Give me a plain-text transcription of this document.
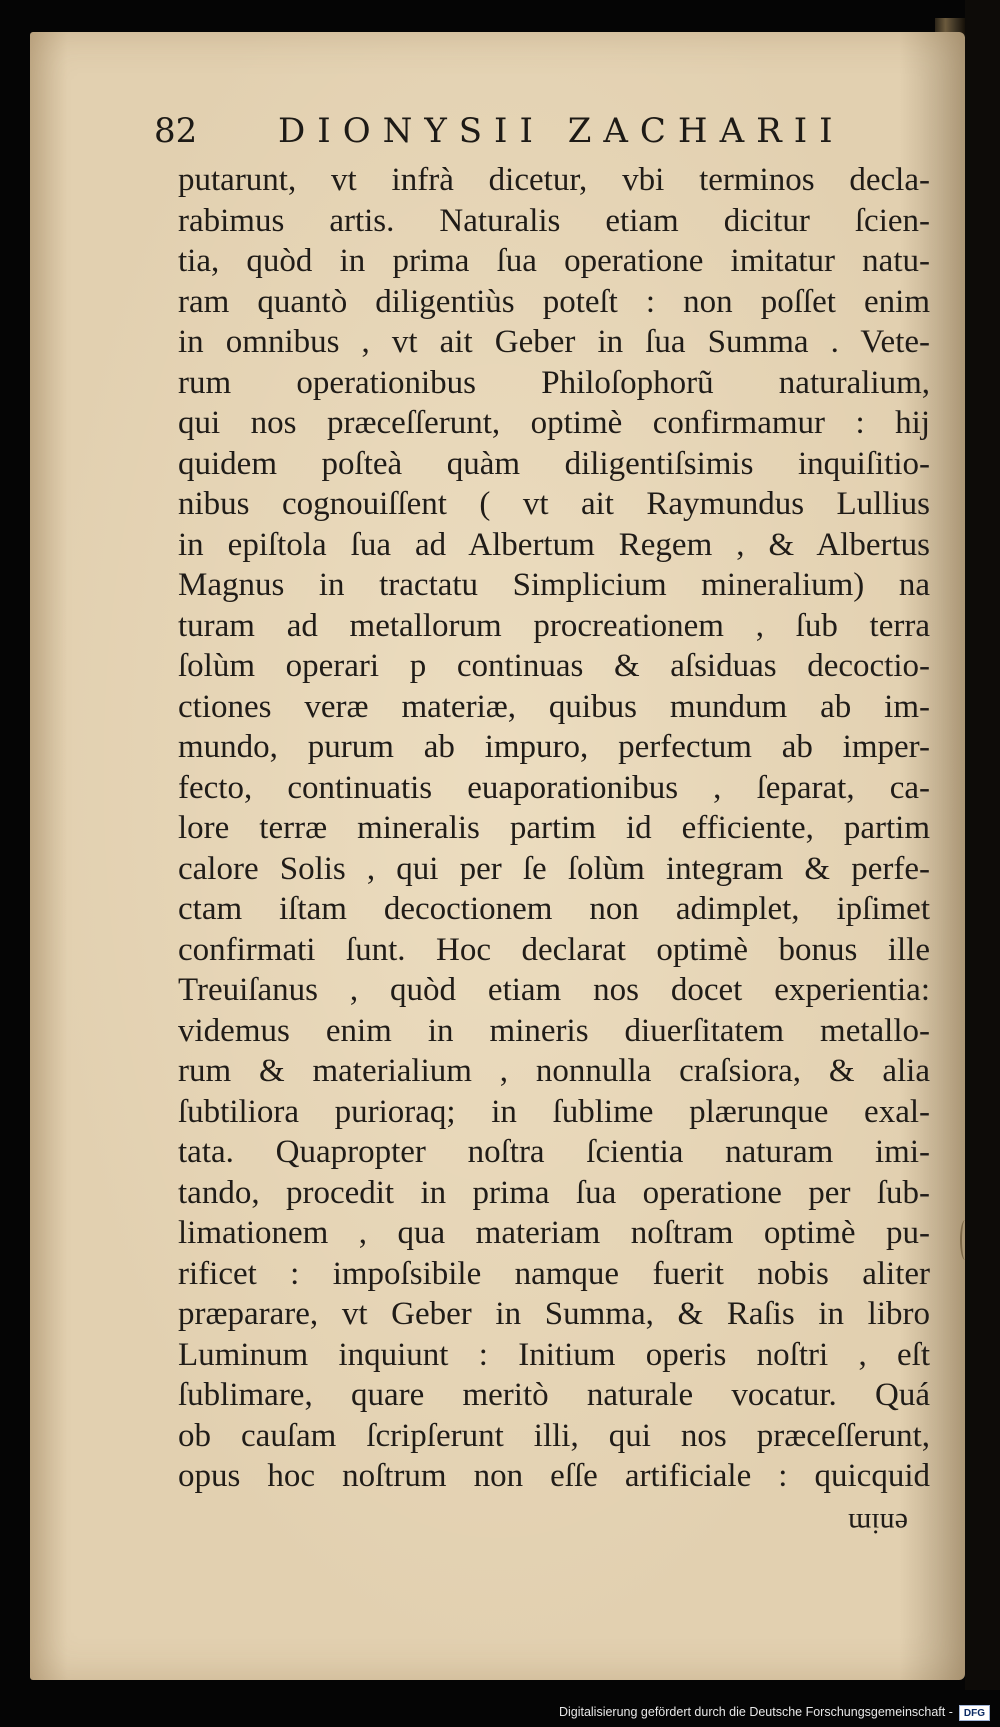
82 DIONYSII ZACHARII
putarunt, vt infrà dicetur, vbi terminos decla-
rabimus artis. Naturalis etiam dicitur ſcien-
tia, quòd in prima ſua operatione imitatur natu-
ram quantò diligentiùs poteſt : non poſſet enim
in omnibus , vt ait Geber in ſua Summa . Vete-
rum operationibus Philoſophorũ naturalium,
qui nos præceſſerunt, optimè confirmamur : hij
quidem poſteà quàm diligentiſsimis inquiſitio-
nibus cognouiſſent ( vt ait Raymundus Lullius
in epiſtola ſua ad Albertum Regem , & Albertus
Magnus in tractatu Simplicium mineralium) na
turam ad metallorum procreationem , ſub terra
ſolùm operari p continuas & aſsiduas decoctio-
ctiones veræ materiæ, quibus mundum ab im-
mundo, purum ab impuro, perfectum ab imper-
fecto, continuatis euaporationibus , ſeparat, ca-
lore terræ mineralis partim id efficiente, partim
calore Solis , qui per ſe ſolùm integram & perfe-
ctam iſtam decoctionem non adimplet, ipſimet
confirmati ſunt. Hoc declarat optimè bonus ille
Treuiſanus , quòd etiam nos docet experientia:
videmus enim in mineris diuerſitatem metallo-
rum & materialium , nonnulla craſsiora, & alia
ſubtiliora purioraq; in ſublime plærunque exal-
tata. Quapropter noſtra ſcientia naturam imi-
tando, procedit in prima ſua operatione per ſub-
limationem , qua materiam noſtram optimè pu-
rificet : impoſsibile namque fuerit nobis aliter
præparare, vt Geber in Summa, & Raſis in libro
Luminum inquiunt : Initium operis noſtri , eſt
ſublimare, quare meritò naturale vocatur. Quá
ob cauſam ſcripſerunt illi, qui nos præceſſerunt,
opus hoc noſtrum non eſſe artificiale : quicquid
enim
Digitalisierung gefördert durch die Deutsche Forschungsgemeinschaft - DFG
